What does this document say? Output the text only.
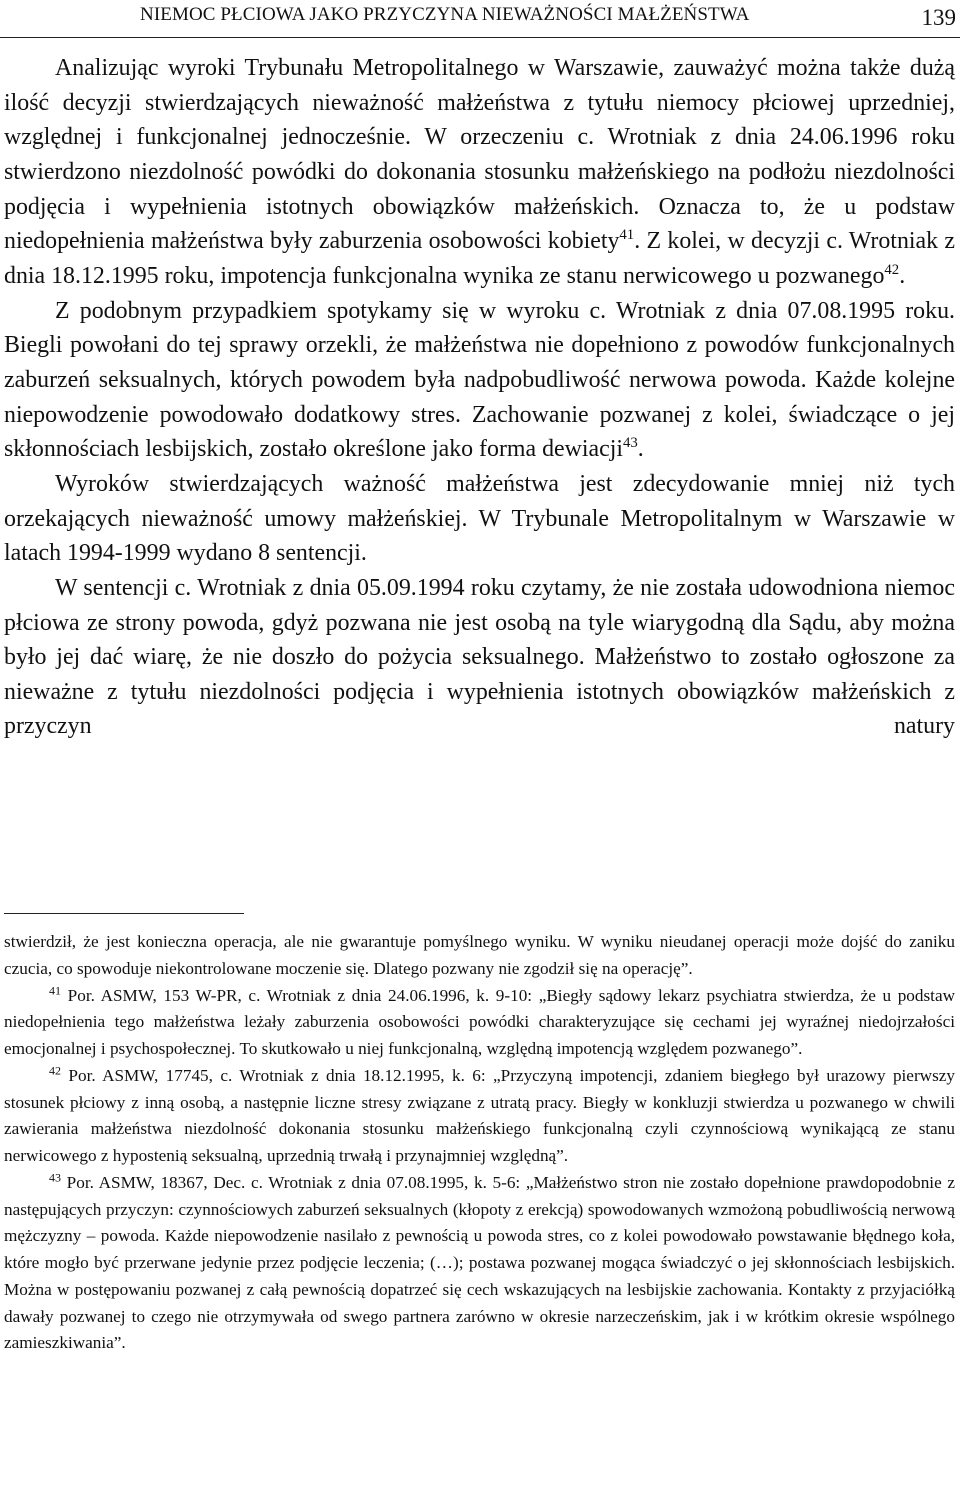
NIEMOC PŁCIOWA JAKO PRZYCZYNA NIEWAŻNOŚCI MAŁŻEŃSTWA	139

Analizując wyroki Trybunału Metropolitalnego w Warszawie, zauważyć można także dużą ilość decyzji stwierdzających nieważność małżeństwa z tytułu niemocy płciowej uprzedniej, względnej i funkcjonalnej jednocześnie. W orzeczeniu c. Wrotniak z dnia 24.06.1996 roku stwierdzono niezdolność powódki do dokonania stosunku małżeńskiego na podłożu niezdolności podjęcia i wypełnienia istotnych obowiązków małżeńskich. Oznacza to, że u podstaw niedopełnienia małżeństwa były zaburzenia osobowości kobiety$^{41}$. Z kolei, w decyzji c. Wrotniak z dnia 18.12.1995 roku, impotencja funkcjonalna wynika ze stanu nerwicowego u pozwanego$^{42}$.

Z podobnym przypadkiem spotykamy się w wyroku c. Wrotniak z dnia 07.08.1995 roku. Biegli powołani do tej sprawy orzekli, że małżeństwa nie dopełniono z powodów funkcjonalnych zaburzeń seksualnych, których powodem była nadpobudliwość nerwowa powoda. Każde kolejne niepowodzenie powodowało dodatkowy stres. Zachowanie pozwanej z kolei, świadczące o jej skłonnościach lesbijskich, zostało określone jako forma dewiacji$^{43}$.

Wyroków stwierdzających ważność małżeństwa jest zdecydowanie mniej niż tych orzekających nieważność umowy małżeńskiej. W Trybunale Metropolitalnym w Warszawie w latach 1994-1999 wydano 8 sentencji.

W sentencji c. Wrotniak z dnia 05.09.1994 roku czytamy, że nie została udowodniona niemoc płciowa ze strony powoda, gdyż pozwana nie jest osobą na tyle wiarygodną dla Sądu, aby można było jej dać wiarę, że nie doszło do pożycia seksualnego. Małżeństwo to zostało ogłoszone za nieważne z tytułu niezdolności podjęcia i wypełnienia istotnych obowiązków małżeńskich z przyczyn natury

stwierdził, że jest konieczna operacja, ale nie gwarantuje pomyślnego wyniku. W wyniku nieudanej operacji może dojść do zaniku czucia, co spowoduje niekontrolowane moczenie się. Dlatego pozwany nie zgodził się na operację”.

$^{41}$ Por. ASMW, 153 W-PR, c. Wrotniak z dnia 24.06.1996, k. 9-10: „Biegły sądowy lekarz psychiatra stwierdza, że u podstaw niedopełnienia tego małżeństwa leżały zaburzenia osobowości powódki charakteryzujące się cechami jej wyraźnej niedojrzałości emocjonalnej i psychospołecznej. To skutkowało u niej funkcjonalną, względną impotencją względem pozwanego”.

$^{42}$ Por. ASMW, 17745, c. Wrotniak z dnia 18.12.1995, k. 6: „Przyczyną impotencji, zdaniem biegłego był urazowy pierwszy stosunek płciowy z inną osobą, a następnie liczne stresy związane z utratą pracy. Biegły w konkluzji stwierdza u pozwanego w chwili zawierania małżeństwa niezdolność dokonania stosunku małżeńskiego funkcjonalną czyli czynnościową wynikającą ze stanu nerwicowego z hypostenią seksualną, uprzednią trwałą i przynajmniej względną”.

$^{43}$ Por. ASMW, 18367, Dec. c. Wrotniak z dnia 07.08.1995, k. 5-6: „Małżeństwo stron nie zostało dopełnione prawdopodobnie z następujących przyczyn: czynnościowych zaburzeń seksualnych (kłopoty z erekcją) spowodowanych wzmożoną pobudliwością nerwową mężczyzny – powoda. Każde niepowodzenie nasilało z pewnością u powoda stres, co z kolei powodowało powstawanie błędnego koła, które mogło być przerwane jedynie przez podjęcie leczenia; (…); postawa pozwanej mogąca świadczyć o jej skłonnościach lesbijskich. Można w postępowaniu pozwanej z całą pewnością dopatrzeć się cech wskazujących na lesbijskie zachowania. Kontakty z przyjaciółką dawały pozwanej to czego nie otrzymywała od swego partnera zarówno w okresie narzeczeńskim, jak i w krótkim okresie wspólnego zamieszkiwania”.
